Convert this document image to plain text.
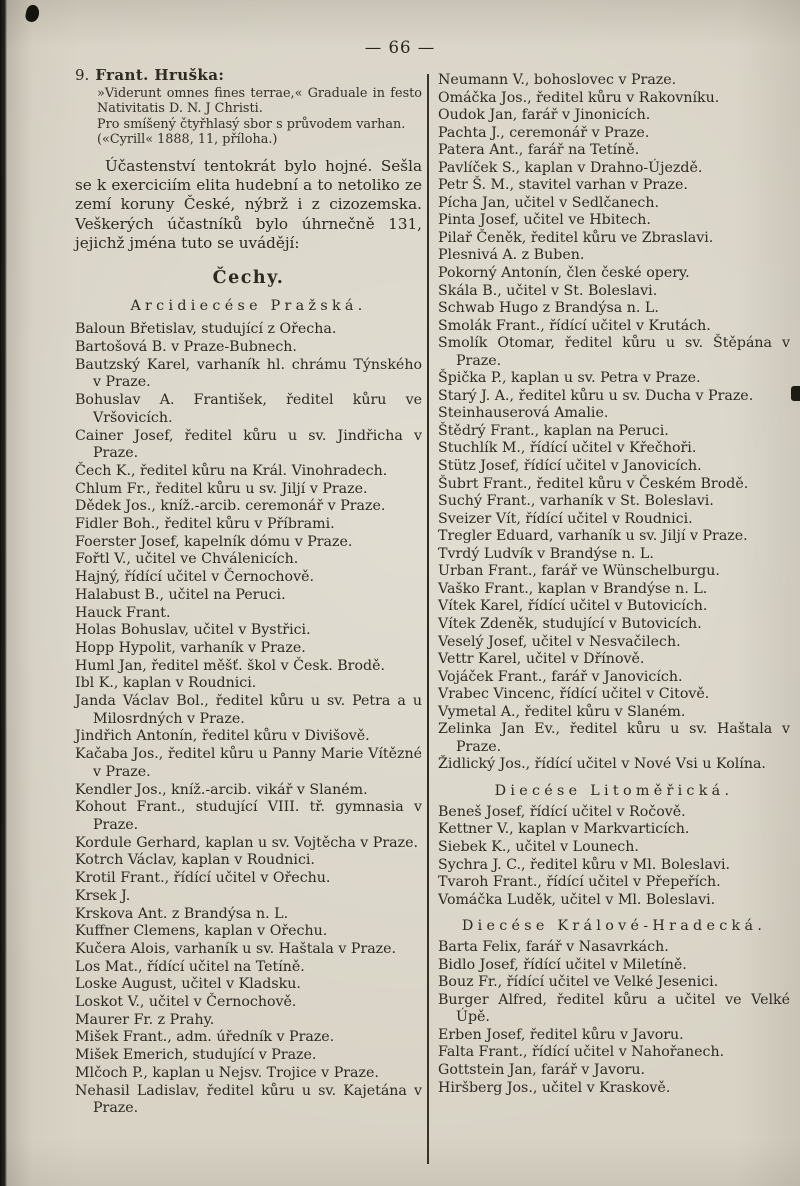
— 66 —
9. Frant. Hruška:
»Viderunt omnes fines terrae,« Graduale in festo Nativitatis D. N. J Christi.
Pro smíšený čtyřhlasý sbor s průvodem varhan.
(«Cyrill« 1888, 11, příloha.)

Účastenství tentokrát bylo hojné. Sešla se k exerciciím elita hudební a to netoliko ze zemí koruny České, nýbrž i z cizozemska. Veškerých účastníků bylo úhrnečně 131, jejichž jména tuto se uvádějí:

Čechy.
Arcidiecése Pražská.
Baloun Břetislav, studující z Ořecha.
Bartošová B. v Praze-Bubnech.
Bautzský Karel, varhaník hl. chrámu Týnského v Praze.
Bohuslav A. František, ředitel kůru ve Vršovicích.
Cainer Josef, ředitel kůru u sv. Jindřicha v Praze.
Čech K., ředitel kůru na Král. Vinohradech.
Chlum Fr., ředitel kůru u sv. Jiljí v Praze.
Dědek Jos., kníž.-arcib. ceremonář v Praze.
Fidler Boh., ředitel kůru v Příbrami.
Foerster Josef, kapelník dómu v Praze.
Fořtl V., učitel ve Chválenicích.
Hajný, řídící učitel v Černochově.
Halabust B., učitel na Peruci.
Hauck Frant.
Holas Bohuslav, učitel v Bystřici.
Hopp Hypolit, varhaník v Praze.
Huml Jan, ředitel měšť. škol v Česk. Brodě.
Ibl K., kaplan v Roudnici.
Janda Václav Bol., ředitel kůru u sv. Petra a u Milosrdných v Praze.
Jindřich Antonín, ředitel kůru v Divišově.
Kačaba Jos., ředitel kůru u Panny Marie Vítězné v Praze.
Kendler Jos., kníž.-arcib. vikář v Slaném.
Kohout Frant., studující VIII. tř. gymnasia v Praze.
Kordule Gerhard, kaplan u sv. Vojtěcha v Praze.
Kotrch Václav, kaplan v Roudnici.
Krotil Frant., řídící učitel v Ořechu.
Krsek J.
Krskova Ant. z Brandýsa n. L.
Kuffner Clemens, kaplan v Ořechu.
Kučera Alois, varhaník u sv. Haštala v Praze.
Los Mat., řídící učitel na Tetíně.
Loske August, učitel v Kladsku.
Loskot V., učitel v Černochově.
Maurer Fr. z Prahy.
Mišek Frant., adm. úředník v Praze.
Mišek Emerich, studující v Praze.
Mlčoch P., kaplan u Nejsv. Trojice v Praze.
Nehasil Ladislav, ředitel kůru u sv. Kajetána v Praze.
Neumann V., bohoslovec v Praze.
Omáčka Jos., ředitel kůru v Rakovníku.
Oudok Jan, farář v Jinonicích.
Pachta J., ceremonář v Praze.
Patera Ant., farář na Tetíně.
Pavlíček S., kaplan v Drahno-Újezdě.
Petr Š. M., stavitel varhan v Praze.
Pícha Jan, učitel v Sedlčanech.
Pinta Josef, učitel ve Hbitech.
Pilař Čeněk, ředitel kůru ve Zbraslavi.
Plesnivá A. z Buben.
Pokorný Antonín, člen české opery.
Skála B., učitel v St. Boleslavi.
Schwab Hugo z Brandýsa n. L.
Smolák Frant., řídící učitel v Krutách.
Smolík Otomar, ředitel kůru u sv. Štěpána v Praze.
Špička P., kaplan u sv. Petra v Praze.
Starý J. A., ředitel kůru u sv. Ducha v Praze.
Steinhauserová Amalie.
Štědrý Frant., kaplan na Peruci.
Stuchlík M., řídící učitel v Křečhoři.
Stütz Josef, řídící učitel v Janovicích.
Šubrt Frant., ředitel kůru v Českém Brodě.
Suchý Frant., varhaník v St. Boleslavi.
Sveizer Vít, řídící učitel v Roudnici.
Tregler Eduard, varhaník u sv. Jiljí v Praze.
Tvrdý Ludvík v Brandýse n. L.
Urban Frant., farář ve Wünschelburgu.
Vaško Frant., kaplan v Brandýse n. L.
Vítek Karel, řídící učitel v Butovicích.
Vítek Zdeněk, studující v Butovicích.
Veselý Josef, učitel v Nesvačilech.
Vettr Karel, učitel v Dřínově.
Vojáček Frant., farář v Janovicích.
Vrabec Vincenc, řídící učitel v Citově.
Vymetal A., ředitel kůru v Slaném.
Zelinka Jan Ev., ředitel kůru u sv. Haštala v Praze.
Židlický Jos., řídící učitel v Nové Vsi u Kolína.
Diecése Litoměřická.
Beneš Josef, řídící učitel v Ročově.
Kettner V., kaplan v Markvarticích.
Siebek K., učitel v Lounech.
Sychra J. C., ředitel kůru v Ml. Boleslavi.
Tvaroh Frant., řídící učitel v Přepeřích.
Vomáčka Luděk, učitel v Ml. Boleslavi.
Diecése Králové-Hradecká.
Barta Felix, farář v Nasavrkách.
Bidlo Josef, řídící učitel v Miletíně.
Bouz Fr., řídící učitel ve Velké Jesenici.
Burger Alfred, ředitel kůru a učitel ve Velké Úpě.
Erben Josef, ředitel kůru v Javoru.
Falta Frant., řídící učitel v Nahořanech.
Gottstein Jan, farář v Javoru.
Hiršberg Jos., učitel v Kraskově.
